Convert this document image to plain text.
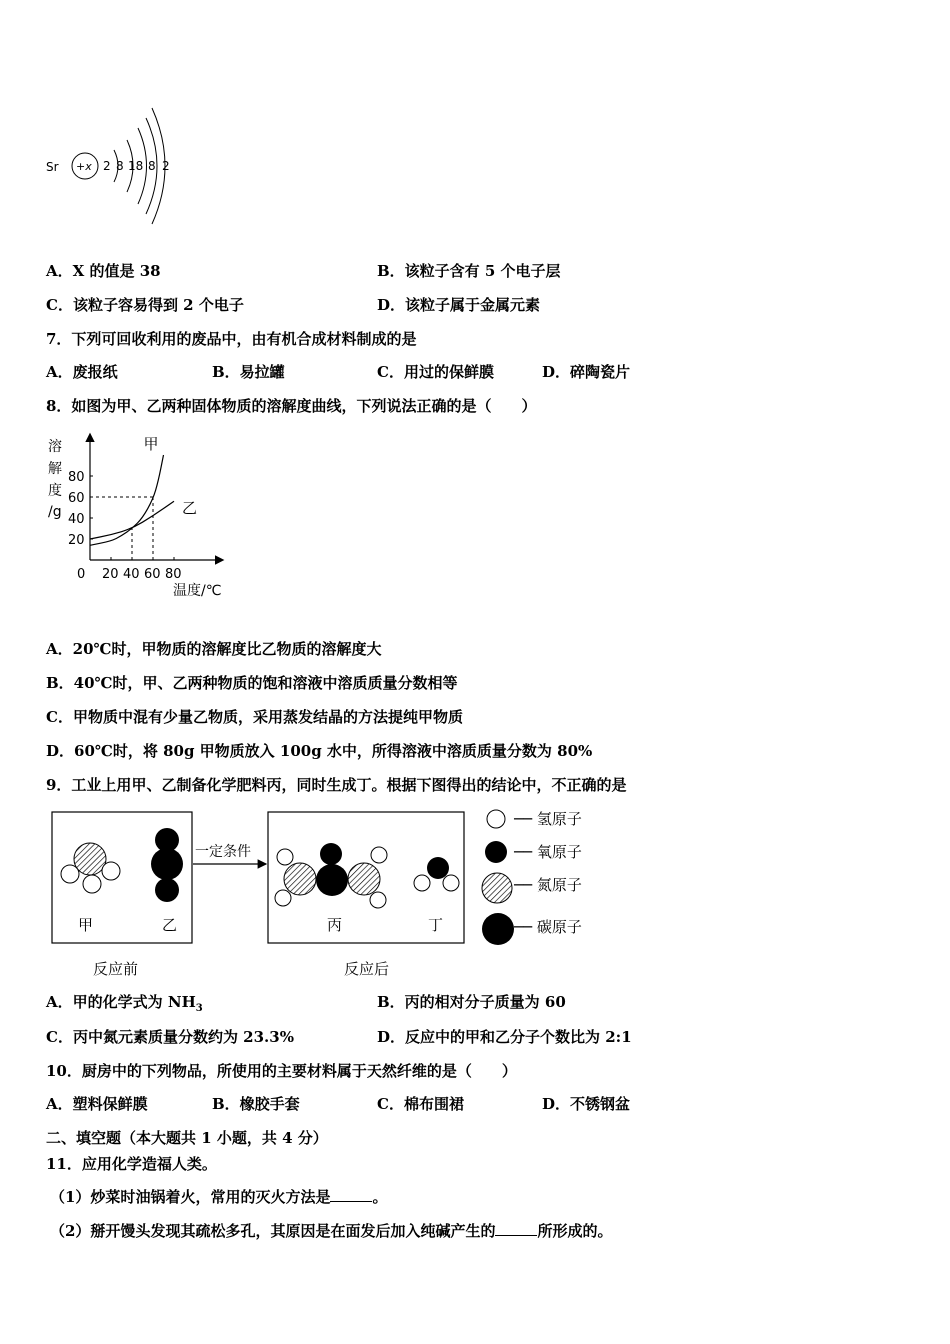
Sr +x 2 8 18 8 2
A．X 的值是 38	B．该粒子含有 5 个电子层
C．该粒子容易得到 2 个电子	D．该粒子属于金属元素
7．下列可回收利用的废品中，由有机合成材料制成的是
A．废报纸	B．易拉罐	C．用过的保鲜膜	D．碎陶瓷片
8．如图为甲、乙两种固体物质的溶解度曲线，下列说法正确的是（　　）
溶
解
度
/g
温度/℃
0 20 40 60 80
20
40
60
80
甲
乙
A．20℃时，甲物质的溶解度比乙物质的溶解度大
B．40℃时，甲、乙两种物质的饱和溶液中溶质质量分数相等
C．甲物质中混有少量乙物质，采用蒸发结晶的方法提纯甲物质
D．60℃时，将 80g 甲物质放入 100g 水中，所得溶液中溶质质量分数为 80%
9．工业上用甲、乙制备化学肥料丙，同时生成丁。根据下图得出的结论中，不正确的是
甲	乙
一定条件
丙	丁
── 氢原子
── 氧原子
── 氮原子
── 碳原子
反应前	反应后
A．甲的化学式为 $NH_3$	B．丙的相对分子质量为 60
C．丙中氮元素质量分数约为 23.3%	D．反应中的甲和乙分子个数比为 2:1
10．厨房中的下列物品，所使用的主要材料属于天然纤维的是（　　）
A．塑料保鲜膜	B．橡胶手套	C．棉布围裙	D．不锈钢盆
二、填空题（本大题共 1 小题，共 4 分）
11．应用化学造福人类。
（1）炒菜时油锅着火，常用的灭火方法是	。
（2）掰开馒头发现其疏松多孔，其原因是在面发后加入纯碱产生的	所形成的。
